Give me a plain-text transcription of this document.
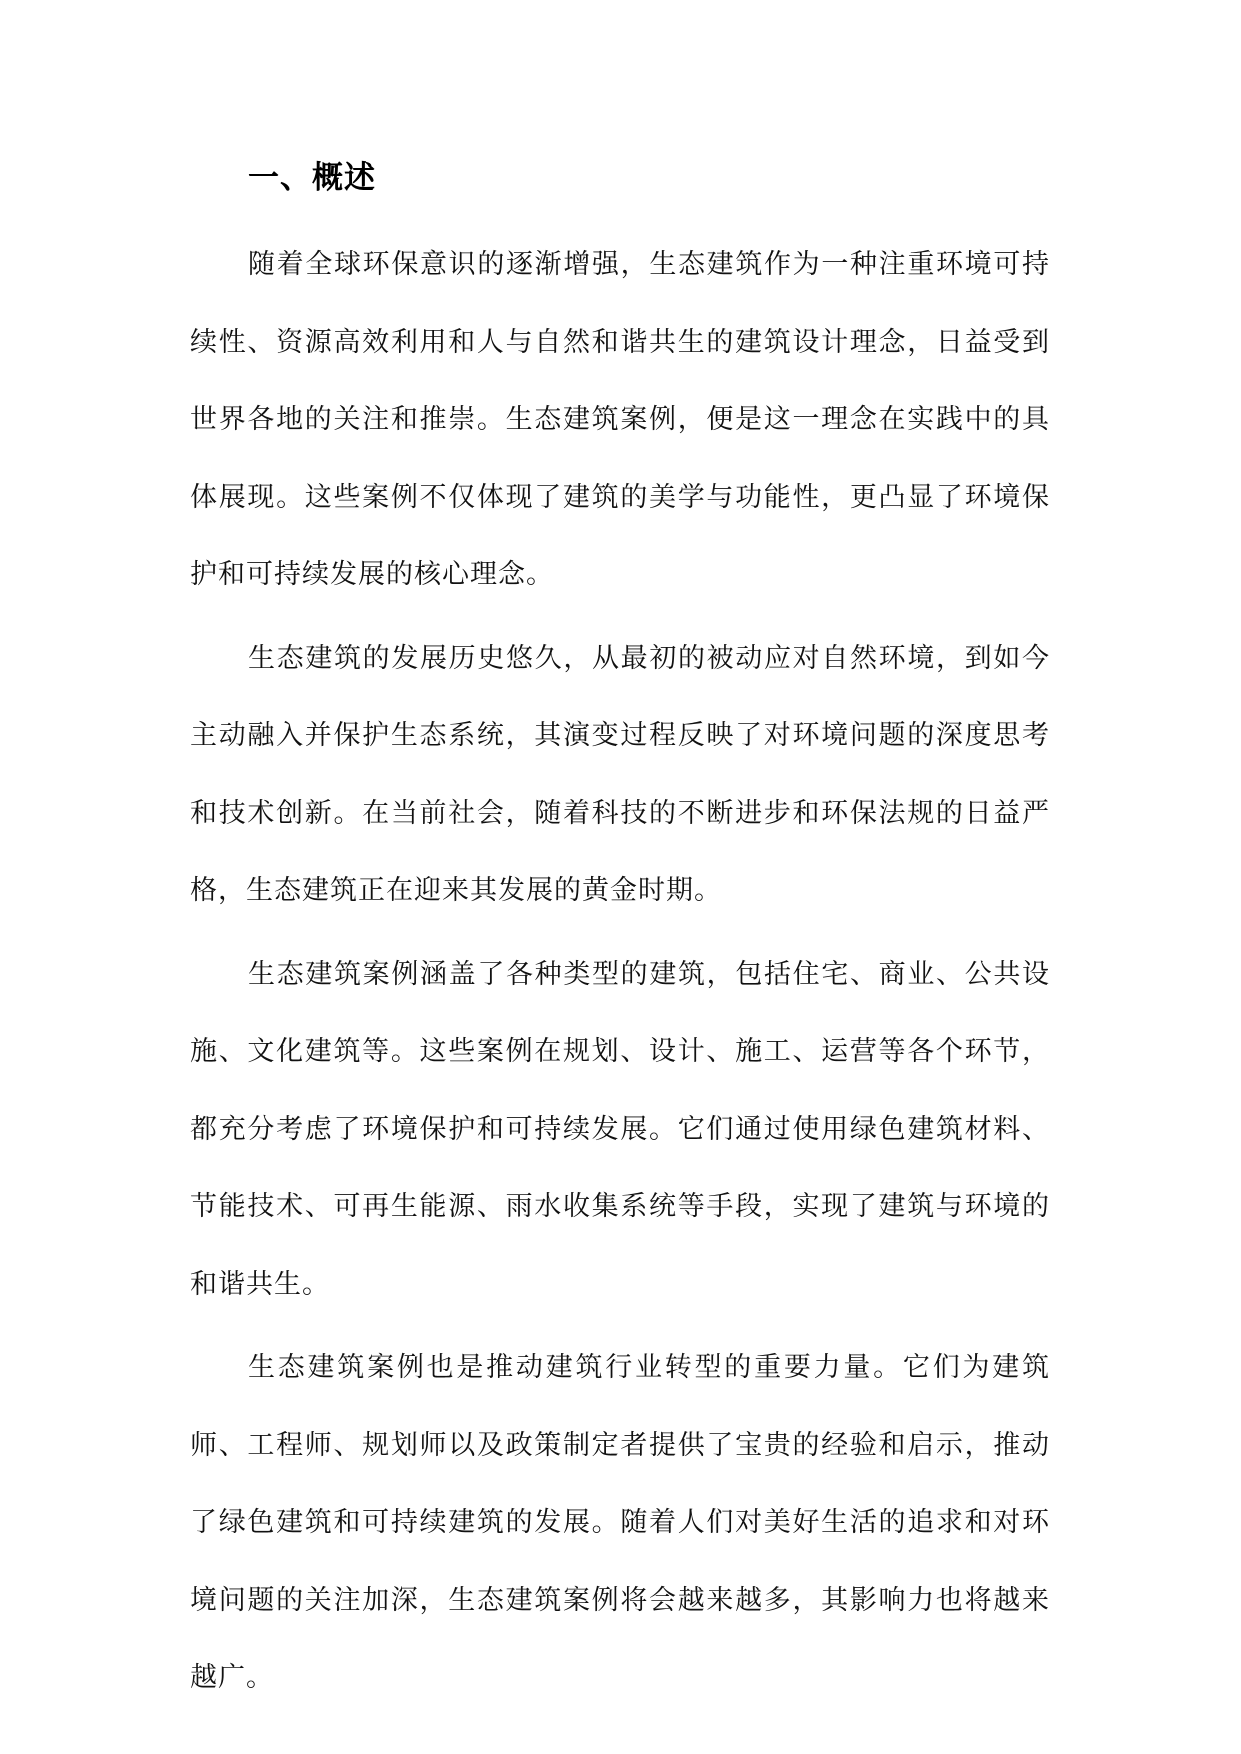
一、概述

随着全球环保意识的逐渐增强，生态建筑作为一种注重环境可持续性、资源高效利用和人与自然和谐共生的建筑设计理念，日益受到世界各地的关注和推崇。生态建筑案例，便是这一理念在实践中的具体展现。这些案例不仅体现了建筑的美学与功能性，更凸显了环境保护和可持续发展的核心理念。

生态建筑的发展历史悠久，从最初的被动应对自然环境，到如今主动融入并保护生态系统，其演变过程反映了对环境问题的深度思考和技术创新。在当前社会，随着科技的不断进步和环保法规的日益严格，生态建筑正在迎来其发展的黄金时期。

生态建筑案例涵盖了各种类型的建筑，包括住宅、商业、公共设施、文化建筑等。这些案例在规划、设计、施工、运营等各个环节，都充分考虑了环境保护和可持续发展。它们通过使用绿色建筑材料、节能技术、可再生能源、雨水收集系统等手段，实现了建筑与环境的和谐共生。

生态建筑案例也是推动建筑行业转型的重要力量。它们为建筑师、工程师、规划师以及政策制定者提供了宝贵的经验和启示，推动了绿色建筑和可持续建筑的发展。随着人们对美好生活的追求和对环境问题的关注加深，生态建筑案例将会越来越多，其影响力也将越来越广。
